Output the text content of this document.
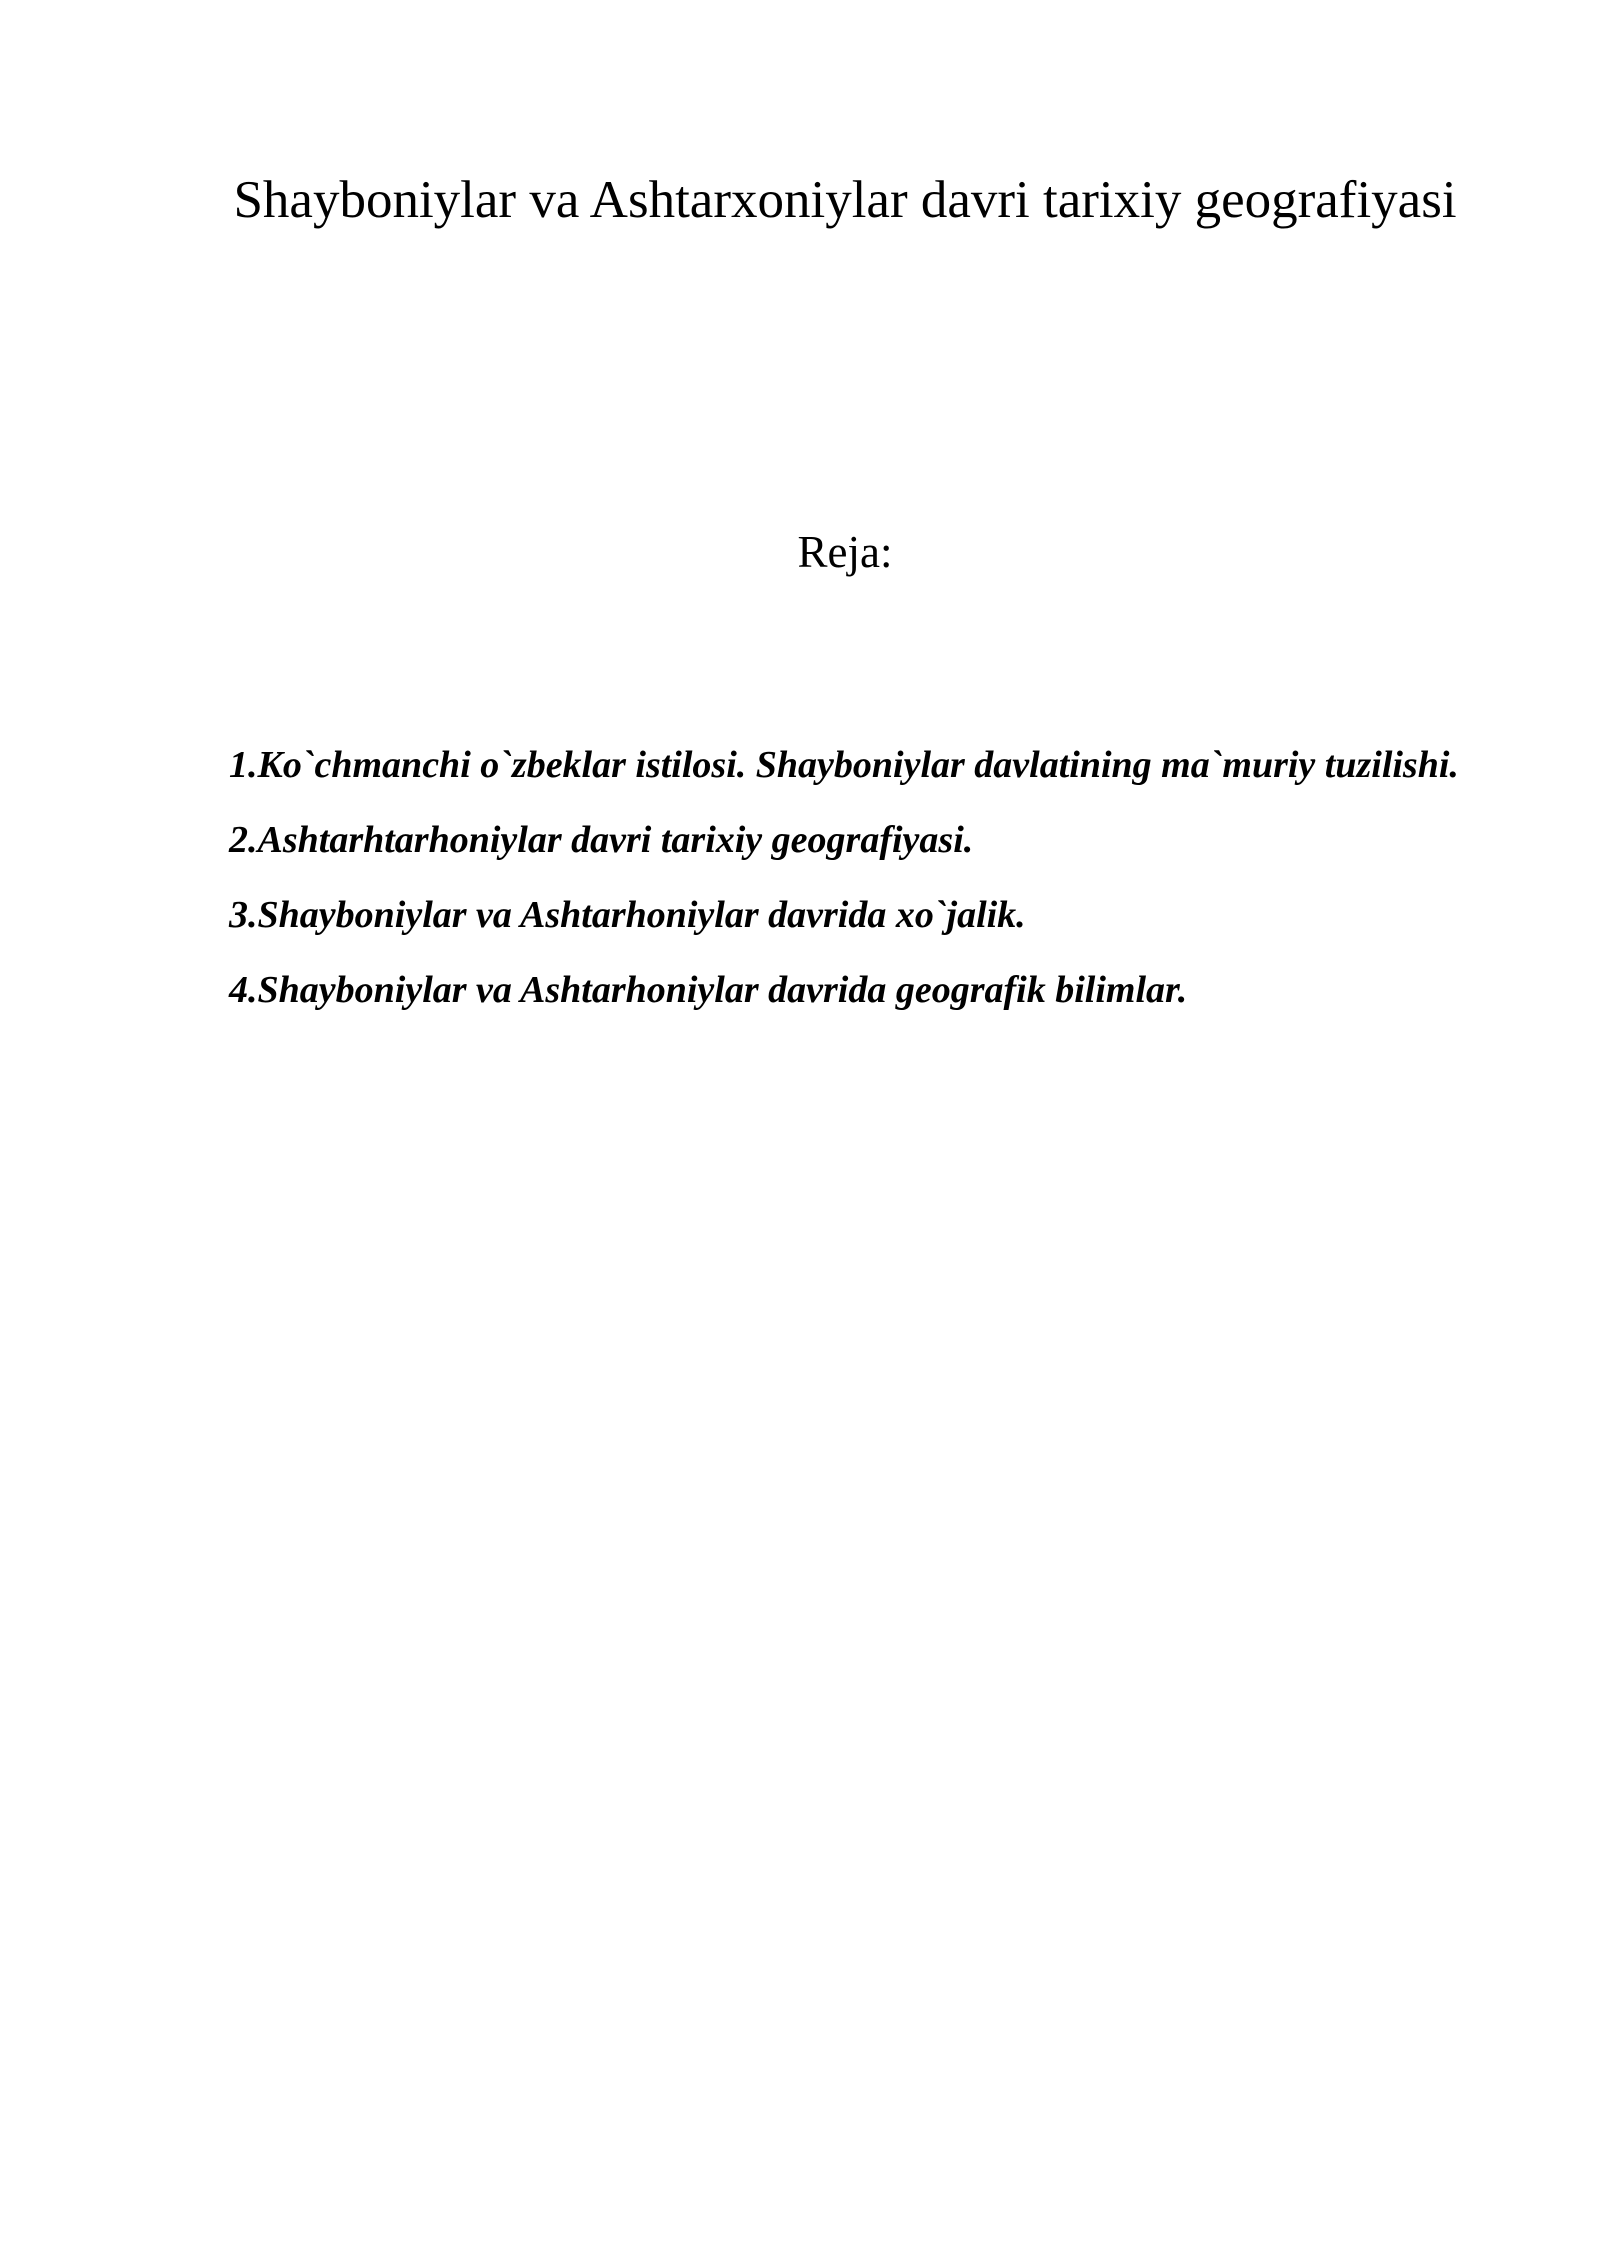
Shayboniylar va Ashtarxoniylar davri tarixiy geografiyasi
Reja:
1.Ko`chmanchi o`zbeklar istilosi. Shayboniylar davlatining ma`muriy tuzilishi.
2.Ashtarhtarhoniylar davri tarixiy geografiyasi.
3.Shayboniylar va Ashtarhoniylar davrida xo`jalik.
4.Shayboniylar va Ashtarhoniylar davrida geografik bilimlar.
